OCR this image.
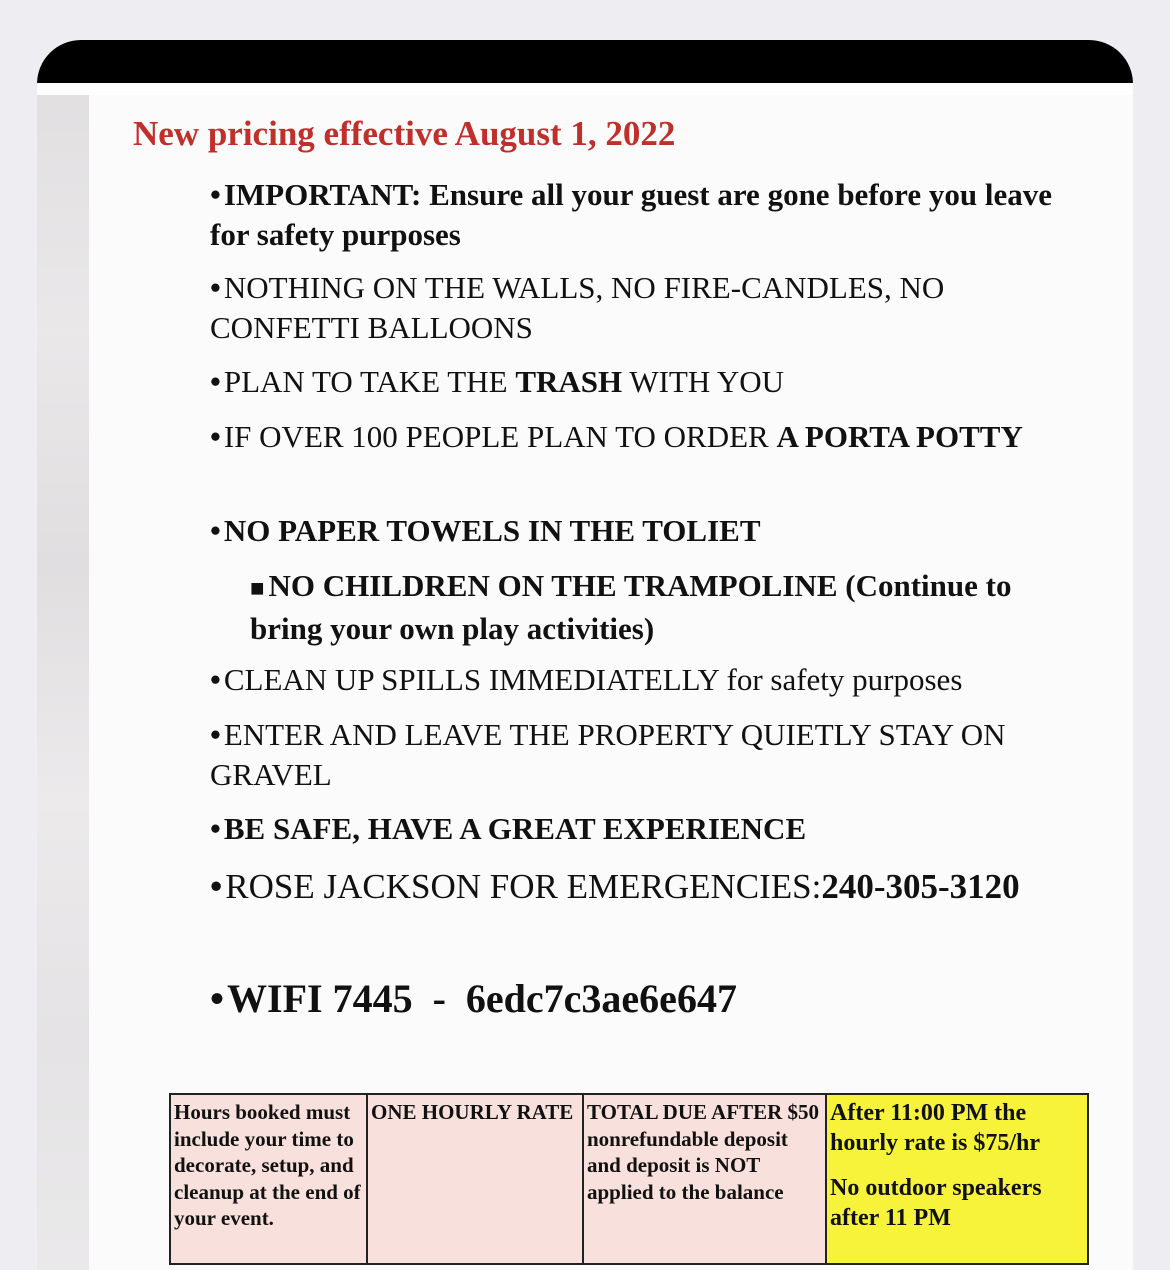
New pricing effective August 1, 2022

•IMPORTANT: Ensure all your guest are gone before you leave for safety purposes

•NOTHING ON THE WALLS, NO FIRE-CANDLES, NO CONFETTI BALLOONS

•PLAN TO TAKE THE TRASH WITH YOU

•IF OVER 100 PEOPLE PLAN TO ORDER A PORTA POTTY

•NO PAPER TOWELS IN THE TOLIET

■ NO CHILDREN ON THE TRAMPOLINE (Continue to bring your own play activities)

•CLEAN UP SPILLS IMMEDIATELLY for safety purposes

•ENTER AND LEAVE THE PROPERTY QUIETLY STAY ON GRAVEL

•BE SAFE, HAVE A GREAT EXPERIENCE

•ROSE JACKSON FOR EMERGENCIES:240-305-3120

•WIFI 7445 - 6edc7c3ae6e647

Hours booked must include your time to decorate, setup, and cleanup at the end of your event.	ONE HOURLY RATE	TOTAL DUE AFTER $50 nonrefundable deposit and deposit is NOT applied to the balance	After 11:00 PM the hourly rate is $75/hr
No outdoor speakers after 11 PM
